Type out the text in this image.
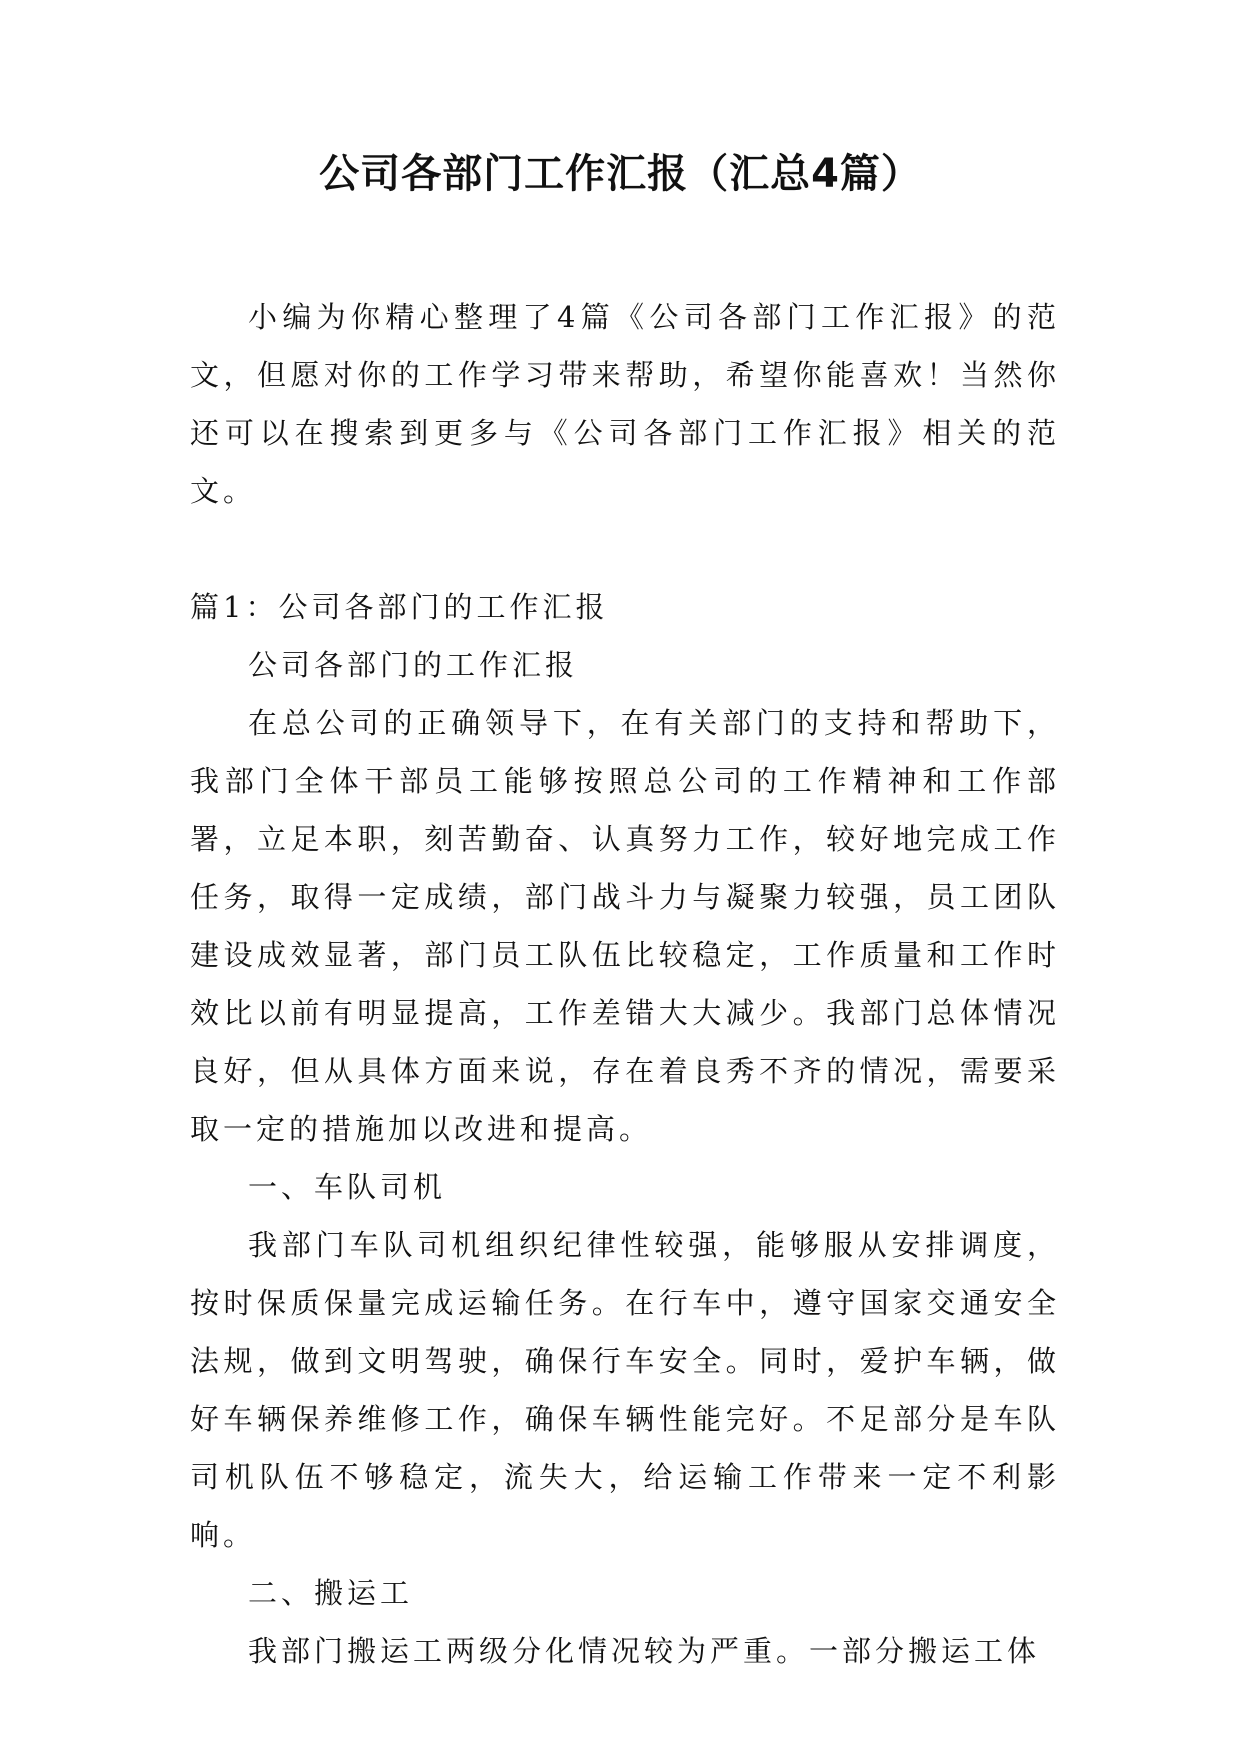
公司各部门工作汇报（汇总4篇）

小编为你精心整理了4篇《公司各部门工作汇报》的范文，但愿对你的工作学习带来帮助，希望你能喜欢！当然你还可以在搜索到更多与《公司各部门工作汇报》相关的范文。

篇1：公司各部门的工作汇报

公司各部门的工作汇报

在总公司的正确领导下，在有关部门的支持和帮助下，我部门全体干部员工能够按照总公司的工作精神和工作部署，立足本职，刻苦勤奋、认真努力工作，较好地完成工作任务，取得一定成绩，部门战斗力与凝聚力较强，员工团队建设成效显著，部门员工队伍比较稳定，工作质量和工作时效比以前有明显提高，工作差错大大减少。我部门总体情况良好，但从具体方面来说，存在着良秀不齐的情况，需要采取一定的措施加以改进和提高。

一、车队司机

我部门车队司机组织纪律性较强，能够服从安排调度，按时保质保量完成运输任务。在行车中，遵守国家交通安全法规，做到文明驾驶，确保行车安全。同时，爱护车辆，做好车辆保养维修工作，确保车辆性能完好。不足部分是车队司机队伍不够稳定，流失大，给运输工作带来一定不利影响。

二、搬运工

我部门搬运工两级分化情况较为严重。一部分搬运工体
